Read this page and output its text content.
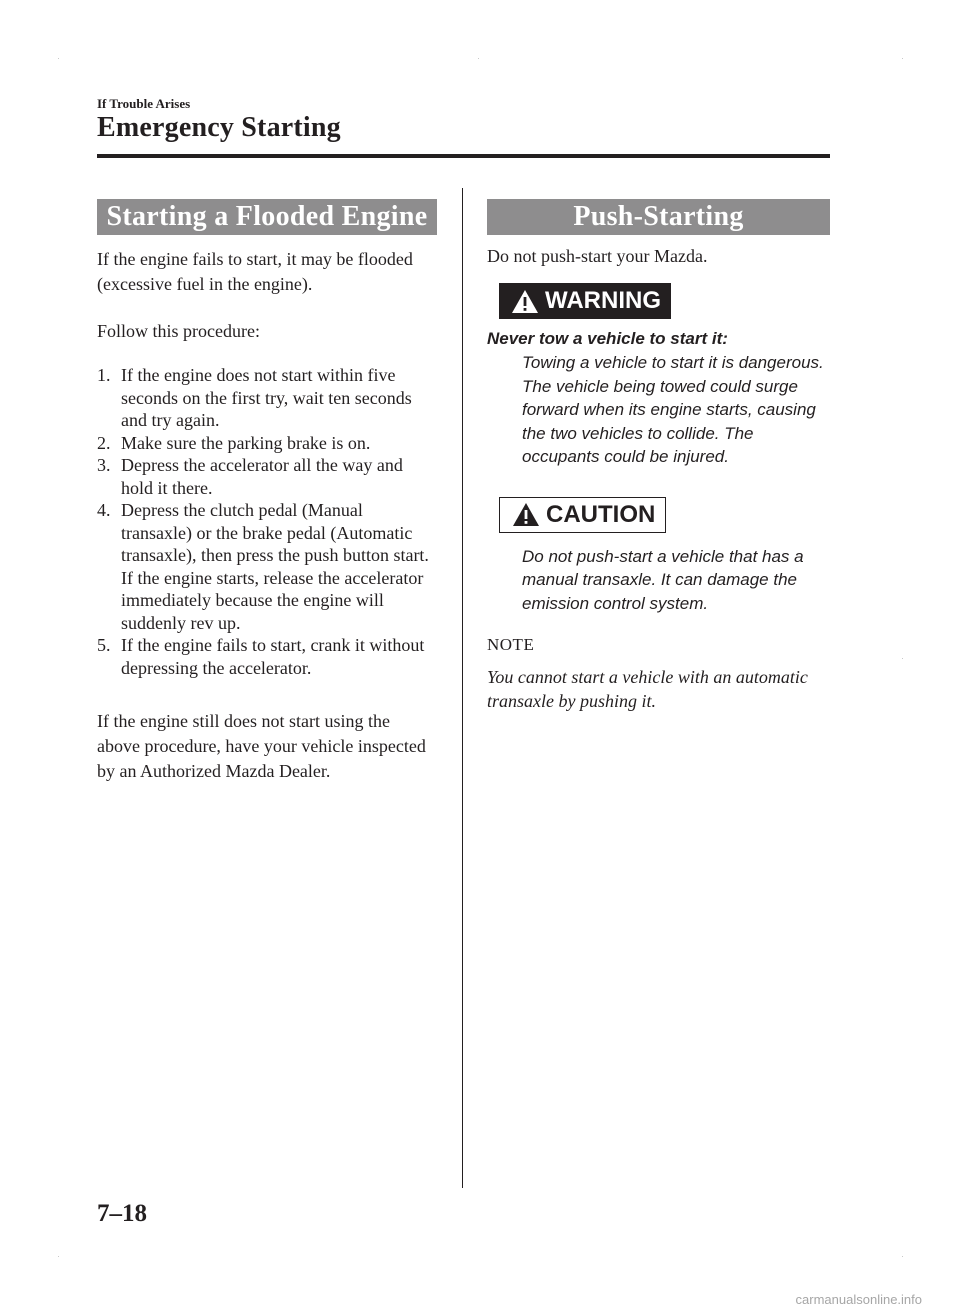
If Trouble Arises
Emergency Starting
Starting a Flooded Engine

If the engine fails to start, it may be flooded (excessive fuel in the engine).

Follow this procedure:

1. If the engine does not start within five seconds on the first try, wait ten seconds and try again.
2. Make sure the parking brake is on.
3. Depress the accelerator all the way and hold it there.
4. Depress the clutch pedal (Manual transaxle) or the brake pedal (Automatic transaxle), then press the push button start. If the engine starts, release the accelerator immediately because the engine will suddenly rev up.
5. If the engine fails to start, crank it without depressing the accelerator.

If the engine still does not start using the above procedure, have your vehicle inspected by an Authorized Mazda Dealer.

Push-Starting

Do not push-start your Mazda.

WARNING
Never tow a vehicle to start it:
Towing a vehicle to start it is dangerous. The vehicle being towed could surge forward when its engine starts, causing the two vehicles to collide. The occupants could be injured.
CAUTION
Do not push-start a vehicle that has a manual transaxle. It can damage the emission control system.
NOTE
You cannot start a vehicle with an automatic transaxle by pushing it.
7–18
carmanualsonline.info
